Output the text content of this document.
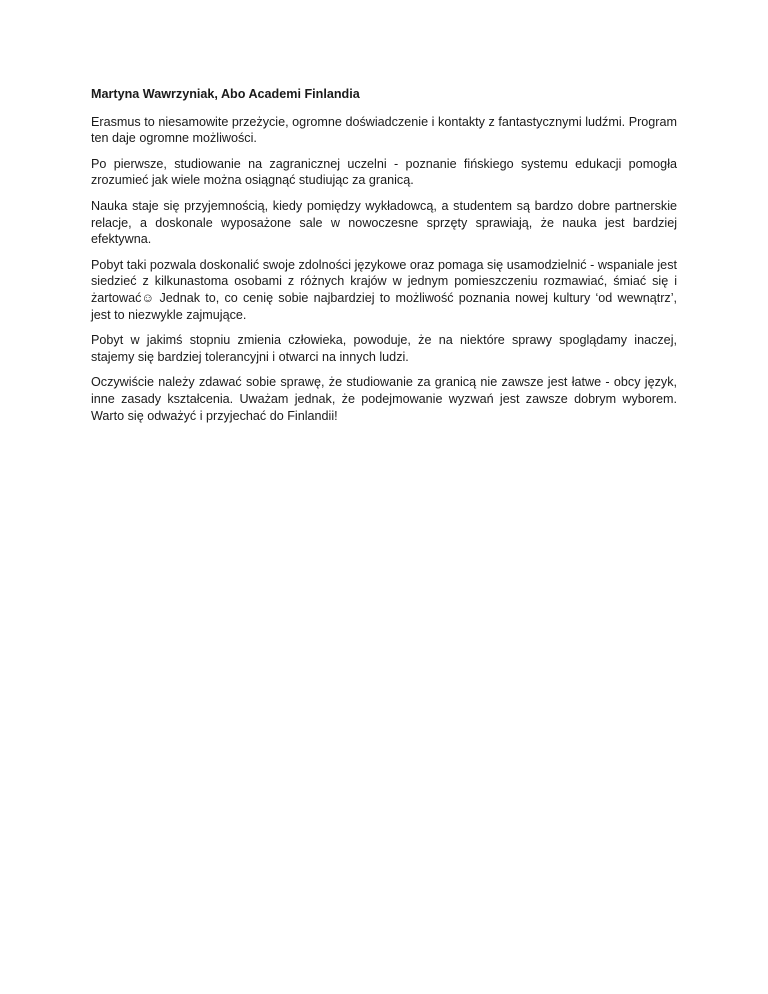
Martyna Wawrzyniak, Abo Academi Finlandia

Erasmus to niesamowite przeżycie, ogromne doświadczenie i kontakty z fantastycznymi ludźmi. Program ten daje ogromne możliwości.

Po pierwsze, studiowanie na zagranicznej uczelni - poznanie fińskiego systemu edukacji pomogła zrozumieć jak wiele można osiągnąć studiując za granicą.

Nauka staje się przyjemnością, kiedy pomiędzy wykładowcą, a studentem są bardzo dobre partnerskie relacje, a doskonale wyposażone sale w nowoczesne sprzęty sprawiają, że nauka jest bardziej efektywna.

Pobyt taki pozwala doskonalić swoje zdolności językowe oraz pomaga się usamodzielnić - wspaniale jest siedzieć z kilkunastoma osobami z różnych krajów w jednym pomieszczeniu rozmawiać, śmiać się i żartować☺ Jednak to, co cenię sobie najbardziej to możliwość poznania nowej kultury ‘od wewnątrz’, jest to niezwykle zajmujące.

Pobyt w jakimś stopniu zmienia człowieka, powoduje, że na niektóre sprawy spoglądamy inaczej, stajemy się bardziej tolerancyjni i otwarci na innych ludzi.

Oczywiście należy zdawać sobie sprawę, że studiowanie za granicą nie zawsze jest łatwe - obcy język, inne zasady kształcenia. Uważam jednak, że podejmowanie wyzwań jest zawsze dobrym wyborem. Warto się odważyć i przyjechać do Finlandii!
